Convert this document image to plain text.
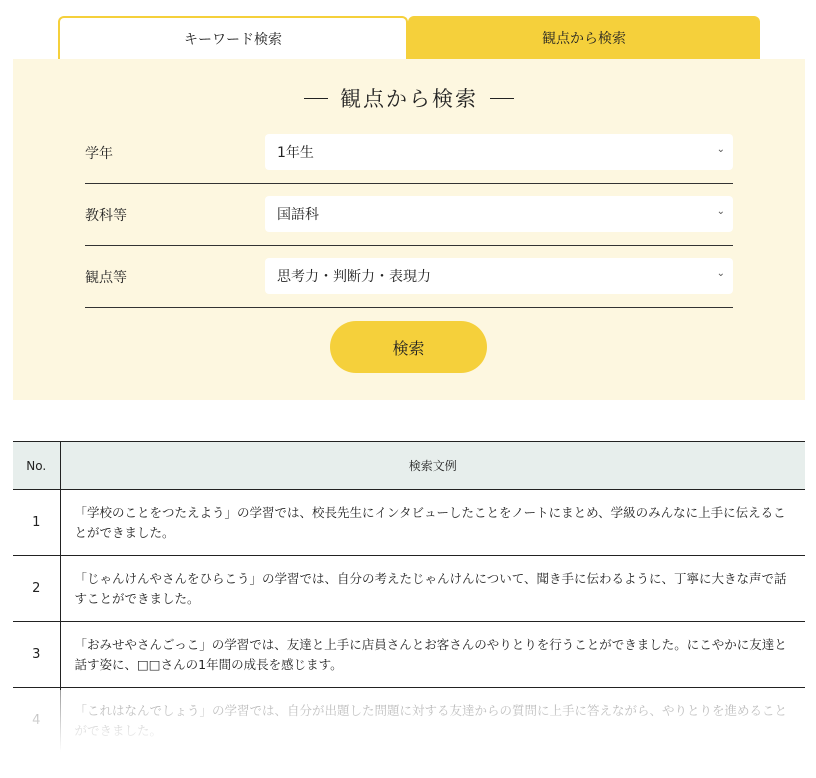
キーワード検索	観点から検索
観点から検索
学年	1年生	⌄
教科等	国語科	⌄
観点等	思考力・判断力・表現力	⌄
検索
No.	検索文例
1	「学校のことをつたえよう」の学習では、校長先生にインタビューしたことをノートにまとめ、学級のみんなに上手に伝えることができました。
2	「じゃんけんやさんをひらこう」の学習では、自分の考えたじゃんけんについて、聞き手に伝わるように、丁寧に大きな声で話すことができました。
3	「おみせやさんごっこ」の学習では、友達と上手に店員さんとお客さんのやりとりを行うことができました。にこやかに友達と話す姿に、□□さんの1年間の成長を感じます。
